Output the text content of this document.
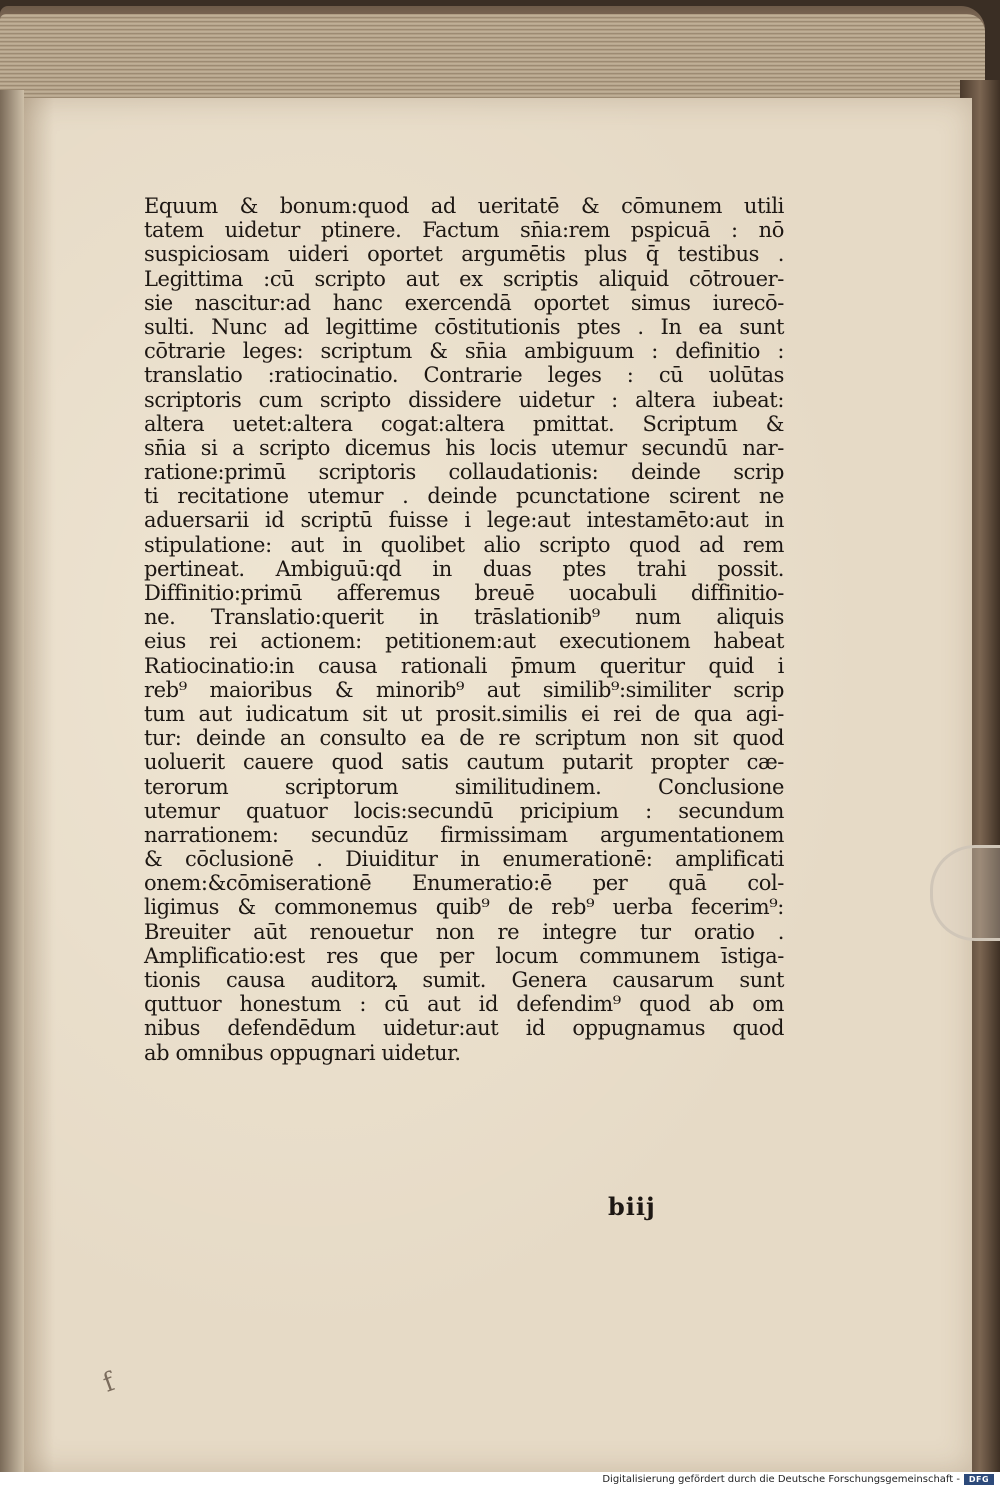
Equum & bonum:quod ad ueritatē & cōmunem utili
tatem uidetur ptinere. Factum sn̄ia:rem pspicuā : nō
suspiciosam uideri oportet argumētis plus q̄ testibus .
Legittima :cū scripto aut ex scriptis aliquid cōtrouer-
sie nascitur:ad hanc exercendā oportet simus iurecō-
sulti. Nunc ad legittime cōstitutionis ptes . In ea sunt
cōtrarie leges: scriptum & sn̄ia ambiguum : definitio :
translatio :ratiocinatio. Contrarie leges : cū uolūtas
scriptoris cum scripto dissidere uidetur : altera iubeat:
altera uetet:altera cogat:altera pmittat. Scriptum &
sn̄ia si a scripto dicemus his locis utemur secundū nar-
ratione:primū scriptoris collaudationis: deinde scrip
ti recitatione utemur . deinde pcunctatione scirent ne
aduersarii id scriptū fuisse i lege:aut intestamēto:aut in
stipulatione: aut in quolibet alio scripto quod ad rem
pertineat. Ambiguū:qd in duas ptes trahi possit.
Diffinitio:primū afferemus breuē uocabuli diffinitio-
ne. Translatio:querit in trāslationib⁹ num aliquis
eius rei actionem: petitionem:aut executionem habeat
Ratiocinatio:in causa rationali p̄mum queritur quid i
reb⁹ maioribus & minorib⁹ aut similib⁹:similiter scrip
tum aut iudicatum sit ut prosit.similis ei rei de qua agi-
tur: deinde an consulto ea de re scriptum non sit quod
uoluerit cauere quod satis cautum putarit propter cæ-
terorum scriptorum similitudinem. Conclusione
utemur quatuor locis:secundū pricipium : secundum
narrationem: secundūz firmissimam argumentationem
& cōclusionē . Diuiditur in enumerationē: amplificati
onem:&cōmiserationē Enumeratio:ē per quā col-
ligimus & commonemus quib⁹ de reb⁹ uerba fecerim⁹:
Breuiter aūt renouetur non re integre tur oratio .
Amplificatio:est res que per locum communem īstiga-
tionis causa auditorꝝ sumit. Genera causarum sunt
quttuor honestum : cū aut id defendim⁹ quod ab om
nibus defendēdum uidetur:aut id oppugnamus quod
ab omnibus oppugnari uidetur.
biij
f
Digitalisierung gefördert durch die Deutsche Forschungsgemeinschaft -	DFG
